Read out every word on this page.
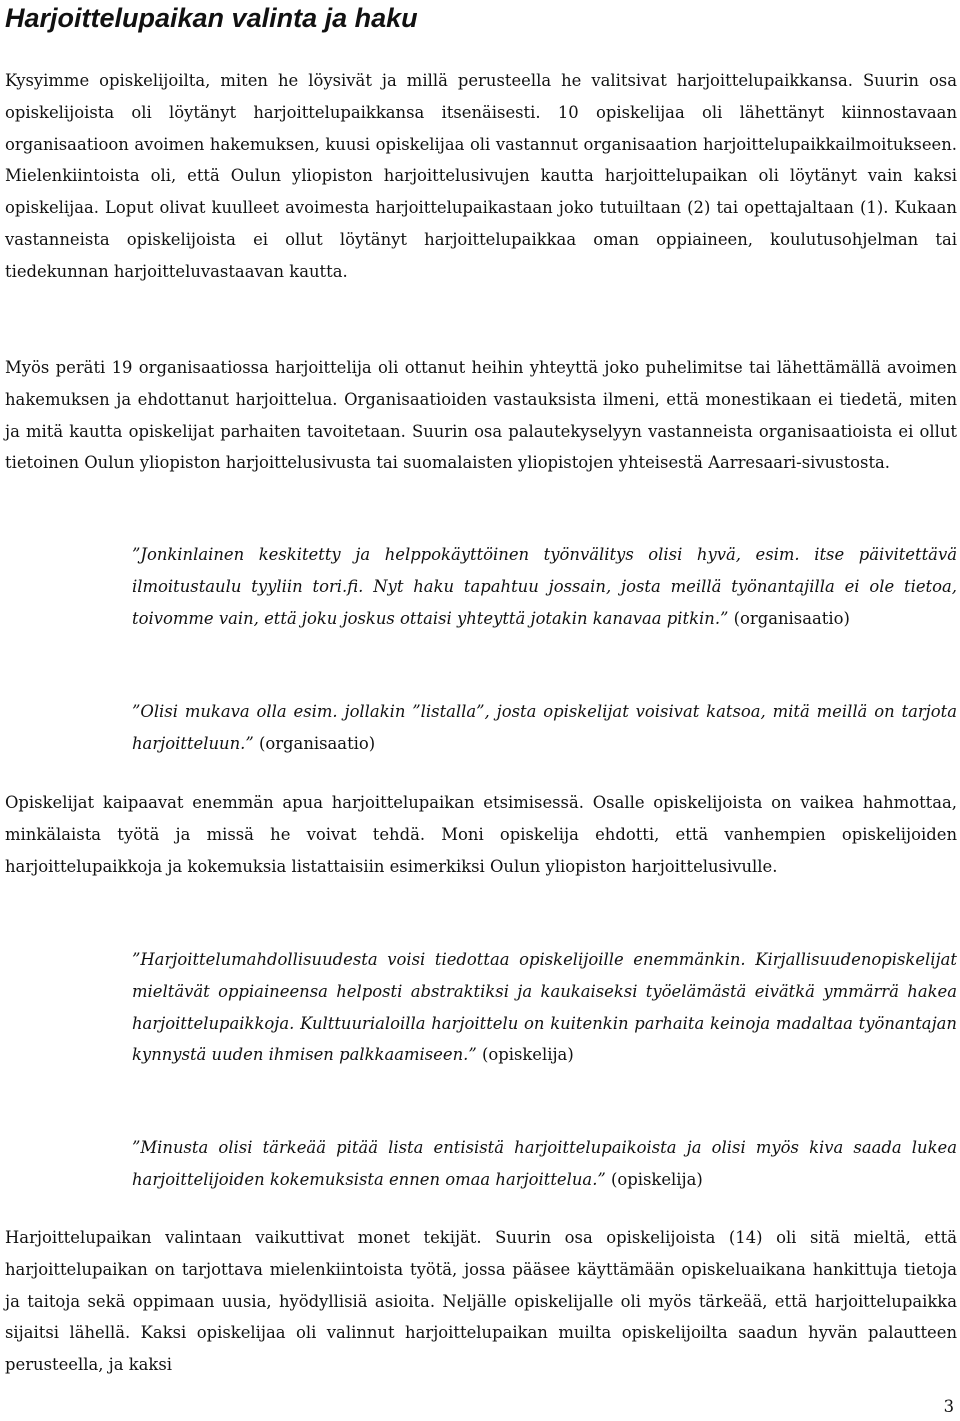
Harjoittelupaikan valinta ja haku

Kysyimme opiskelijoilta, miten he löysivät ja millä perusteella he valitsivat harjoittelupaikkansa. Suurin osa opiskelijoista oli löytänyt harjoittelupaikkansa itsenäisesti. 10 opiskelijaa oli lähettänyt kiinnostavaan organisaatioon avoimen hakemuksen, kuusi opiskelijaa oli vastannut organisaation harjoittelupaikkailmoitukseen. Mielenkiintoista oli, että Oulun yliopiston harjoittelusivujen kautta harjoittelupaikan oli löytänyt vain kaksi opiskelijaa. Loput olivat kuulleet avoimesta harjoittelupaikastaan joko tutuiltaan (2) tai opettajaltaan (1). Kukaan vastanneista opiskelijoista ei ollut löytänyt harjoittelupaikkaa oman oppiaineen, koulutusohjelman tai tiedekunnan harjoitteluvastaavan kautta.

Myös peräti 19 organisaatiossa harjoittelija oli ottanut heihin yhteyttä joko puhelimitse tai lähettämällä avoimen hakemuksen ja ehdottanut harjoittelua. Organisaatioiden vastauksista ilmeni, että monestikaan ei tiedetä, miten ja mitä kautta opiskelijat parhaiten tavoitetaan. Suurin osa palautekyselyyn vastanneista organisaatioista ei ollut tietoinen Oulun yliopiston harjoittelusivusta tai suomalaisten yliopistojen yhteisestä Aarresaari-sivustosta.

”Jonkinlainen keskitetty ja helppokäyttöinen työnvälitys olisi hyvä, esim. itse päivitettävä ilmoitustaulu tyyliin tori.fi. Nyt haku tapahtuu jossain, josta meillä työnantajilla ei ole tietoa, toivomme vain, että joku joskus ottaisi yhteyttä jotakin kanavaa pitkin.” (organisaatio)

”Olisi mukava olla esim. jollakin ”listalla”, josta opiskelijat voisivat katsoa, mitä meillä on tarjota harjoitteluun.” (organisaatio)

Opiskelijat kaipaavat enemmän apua harjoittelupaikan etsimisessä. Osalle opiskelijoista on vaikea hahmottaa, minkälaista työtä ja missä he voivat tehdä. Moni opiskelija ehdotti, että vanhempien opiskelijoiden harjoittelupaikkoja ja kokemuksia listattaisiin esimerkiksi Oulun yliopiston harjoittelusivulle.

”Harjoittelumahdollisuudesta voisi tiedottaa opiskelijoille enemmänkin. Kirjallisuudenopiskelijat mieltävät oppiaineensa helposti abstraktiksi ja kaukaiseksi työelämästä eivätkä ymmärrä hakea harjoittelupaikkoja. Kulttuurialoilla harjoittelu on kuitenkin parhaita keinoja madaltaa työnantajan kynnystä uuden ihmisen palkkaamiseen.” (opiskelija)

”Minusta olisi tärkeää pitää lista entisistä harjoittelupaikoista ja olisi myös kiva saada lukea harjoittelijoiden kokemuksista ennen omaa harjoittelua.” (opiskelija)

Harjoittelupaikan valintaan vaikuttivat monet tekijät. Suurin osa opiskelijoista (14) oli sitä mieltä, että harjoittelupaikan on tarjottava mielenkiintoista työtä, jossa pääsee käyttämään opiskeluaikana hankittuja tietoja ja taitoja sekä oppimaan uusia, hyödyllisiä asioita. Neljälle opiskelijalle oli myös tärkeää, että harjoittelupaikka sijaitsi lähellä. Kaksi opiskelijaa oli valinnut harjoittelupaikan muilta opiskelijoilta saadun hyvän palautteen perusteella, ja kaksi

3
